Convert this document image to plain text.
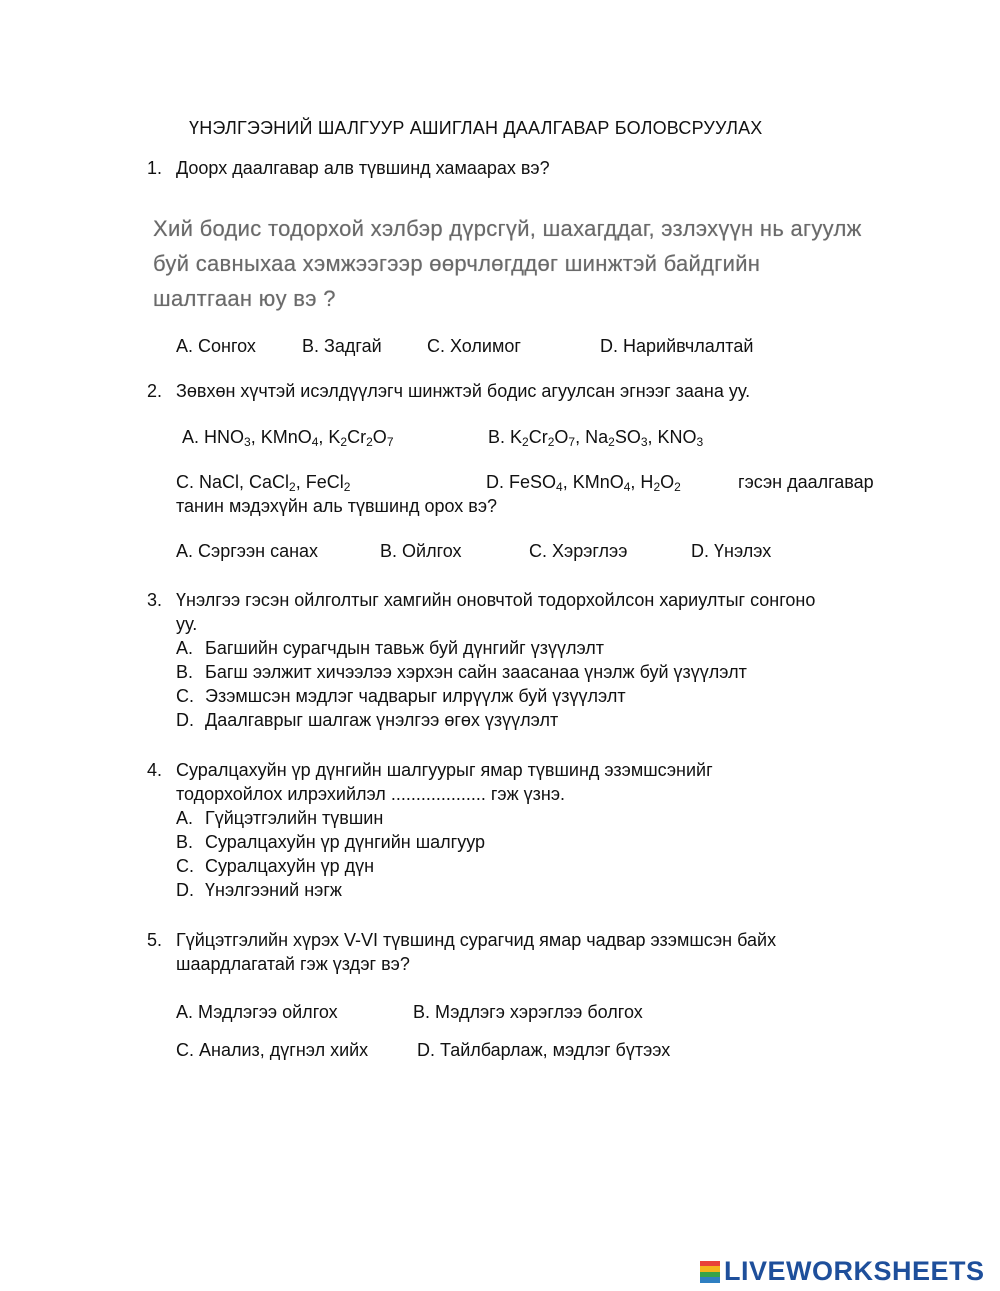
ҮНЭЛГЭЭНИЙ ШАЛГУУР АШИГЛАН ДААЛГАВАР БОЛОВСРУУЛАХ
1. Доорх даалгавар алв түвшинд хамаарах вэ?
Хий бодис тодорхой хэлбэр дүрсгүй, шахагддаг, эзлэхүүн нь агуулж
буй савныхаа хэмжээгээр өөрчлөгддөг шинжтэй байдгийн
шалтгаан юу вэ ?
A. Сонгох	B. Задгай	C. Холимог	D. Нарийвчлалтай
2. Зөвхөн хүчтэй исэлдүүлэгч шинжтэй бодис агуулсан эгнээг заана уу.
A. $HNO_3$, KMnO$_4$, $K_2Cr_2O_7$	B. $K_2Cr_2O_7$, $Na_2SO_3$, $KNO_3$
C. NaCl, CaCl$_2$, FeCl$_2$	D. FeSO$_4$, KMnO$_4$, $H_2O_2$	гэсэн даалгавар
танин мэдэхүйн аль түвшинд орох вэ?
A. Сэргээн санах	B. Ойлгох	C. Хэрэглээ	D. Үнэлэх
3. Үнэлгээ гэсэн ойлголтыг хамгийн оновчтой тодорхойлсон хариултыг сонгоно
уу.
A. Багшийн сурагчдын тавьж буй дүнгийг үзүүлэлт
B. Багш ээлжит хичээлээ хэрхэн сайн заасанаа үнэлж буй үзүүлэлт
C. Эзэмшсэн мэдлэг чадварыг илрүүлж буй үзүүлэлт
D. Даалгаврыг шалгаж үнэлгээ өгөх үзүүлэлт
4. Суралцахуйн үр дүнгийн шалгуурыг ямар түвшинд эзэмшсэнийг
тодорхойлох илрэхийлэл ................... гэж үзнэ.
A. Гүйцэтгэлийн түвшин
B. Суралцахуйн үр дүнгийн шалгуур
C. Суралцахуйн үр дүн
D. Үнэлгээний нэгж
5. Гүйцэтгэлийн хүрэх V-VI түвшинд сурагчид ямар чадвар эзэмшсэн байх
шаардлагатай гэж үздэг вэ?
A. Мэдлэгээ ойлгох	B. Мэдлэгэ хэрэглээ болгох
C. Анализ, дүгнэл хийх	D. Тайлбарлаж, мэдлэг бүтээх
LIVEWORKSHEETS
